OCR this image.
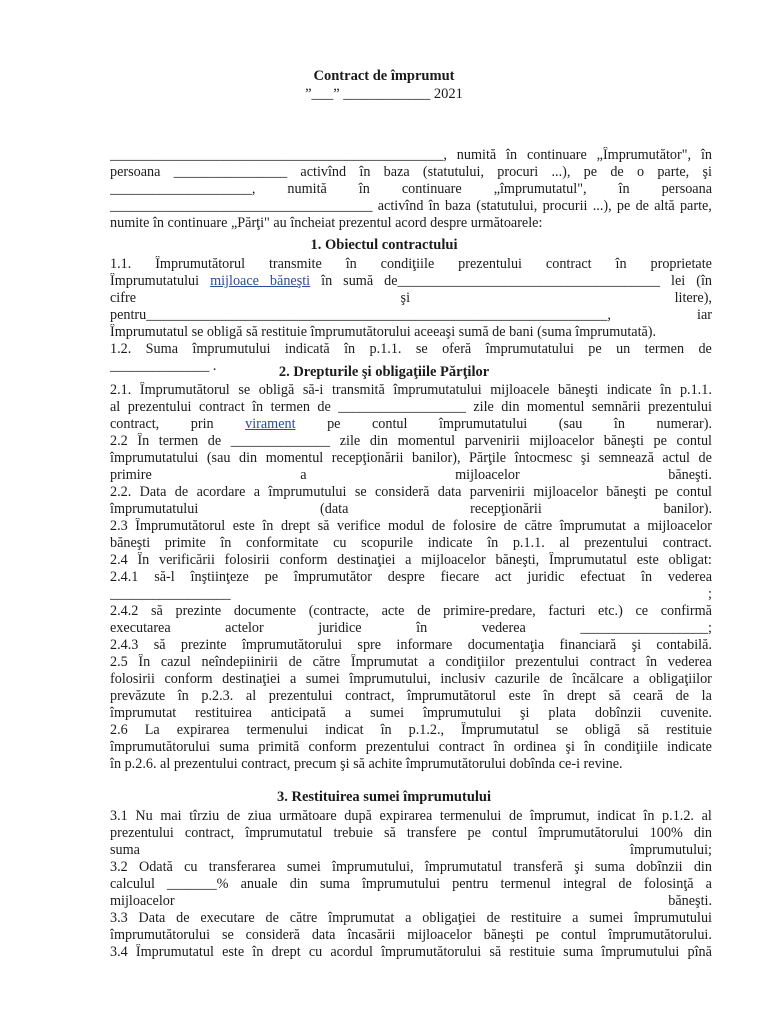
Contract de împrumut
”___” ____________ 2021
1. Obiectul contractului
2. Drepturile şi obligaţiile Părţilor
3. Restituirea sumei împrumutului
_______________________________________________, numită în continuare „Împrumutător", în
persoana ________________ activînd în baza (statutului, procuri ...), pe de o parte, şi
____________________, numită în continuare „împrumutatul", în persoana
_____________________________________ activînd în baza (statutului, procurii ...), pe de altă parte,
numite în continuare „Părţi" au încheiat prezentul acord despre următoarele:
1.1. Împrumutătorul transmite în condiţiile prezentului contract în proprietate
Împrumutatului mijloace băneşti în sumă de_____________________________________ lei (în
cifre	şi	litere),
pentru_________________________________________________________________,	iar
Împrumutatul se obligă să restituie împrumutătorului aceeaşi sumă de bani (suma împrumutată).
1.2. Suma împrumutului indicată în p.1.1. se oferă împrumutatului pe un termen de
______________ .
2.1. Împrumutătorul se obligă să-i transmită împrumutatului mijloacele băneşti indicate în p.1.1.
al prezentului contract în termen de __________________ zile din momentul semnării prezentului
contract, prin virament pe contul împrumutatului (sau în numerar).
2.2 În termen de ______________ zile din momentul parvenirii mijloacelor băneşti pe contul
împrumutatului (sau din momentul recepţionării banilor), Părţile întocmesc şi semnează actul de
primire	a	mijloacelor	băneşti.
2.2. Data de acordare a împrumutului se consideră data parvenirii mijloacelor băneşti pe contul
împrumutatului	(data	recepţionării	banilor).
2.3 Împrumutătorul este în drept să verifice modul de folosire de către împrumutat a mijloacelor
băneşti primite în conformitate cu scopurile indicate în p.1.1. al prezentului contract.
2.4 În verificării folosirii conform destinaţiei a mijloacelor băneşti, Împrumutatul este obligat:
2.4.1 să-l înştiinţeze pe împrumutător despre fiecare act juridic efectuat în vederea
_________________	;
2.4.2 să prezinte documente (contracte, acte de primire-predare, facturi etc.) ce confirmă
executarea	actelor	juridice	în	vederea	__________________;
2.4.3 să prezinte împrumutătorului spre informare documentaţia financiară şi contabilă.
2.5 În cazul neîndepiinirii de către Împrumutat a condiţiilor prezentului contract în vederea
folosirii conform destinaţiei a sumei împrumutului, inclusiv cazurile de încălcare a obligaţiilor
prevăzute în p.2.3. al prezentului contract, împrumutătorul este în drept să ceară de la
împrumutat restituirea anticipată a sumei împrumutului şi plata dobînzii cuvenite.
2.6 La expirarea termenului indicat în p.1.2., Împrumutatul se obligă să restituie
împrumutătorului suma primită conform prezentului contract în ordinea şi în condiţiile indicate
în p.2.6. al prezentului contract, precum şi să achite împrumutătorului dobînda ce-i revine.
3.1 Nu mai tîrziu de ziua următoare după expirarea termenului de împrumut, indicat în p.1.2. al
prezentului contract, împrumutatul trebuie să transfere pe contul împrumutătorului 100% din
suma	împrumutului;
3.2 Odată cu transferarea sumei împrumutului, împrumutatul transferă şi suma dobînzii din
calculul _______% anuale din suma împrumutului pentru termenul integral de folosinţă a
mijloacelor	băneşti.
3.3 Data de executare de către împrumutat a obligaţiei de restituire a sumei împrumutului
împrumutătorului se consideră data încasării mijloacelor băneşti pe contul împrumutătorului.
3.4 Împrumutatul este în drept cu acordul împrumutătorului să restituie suma împrumutului pînă
